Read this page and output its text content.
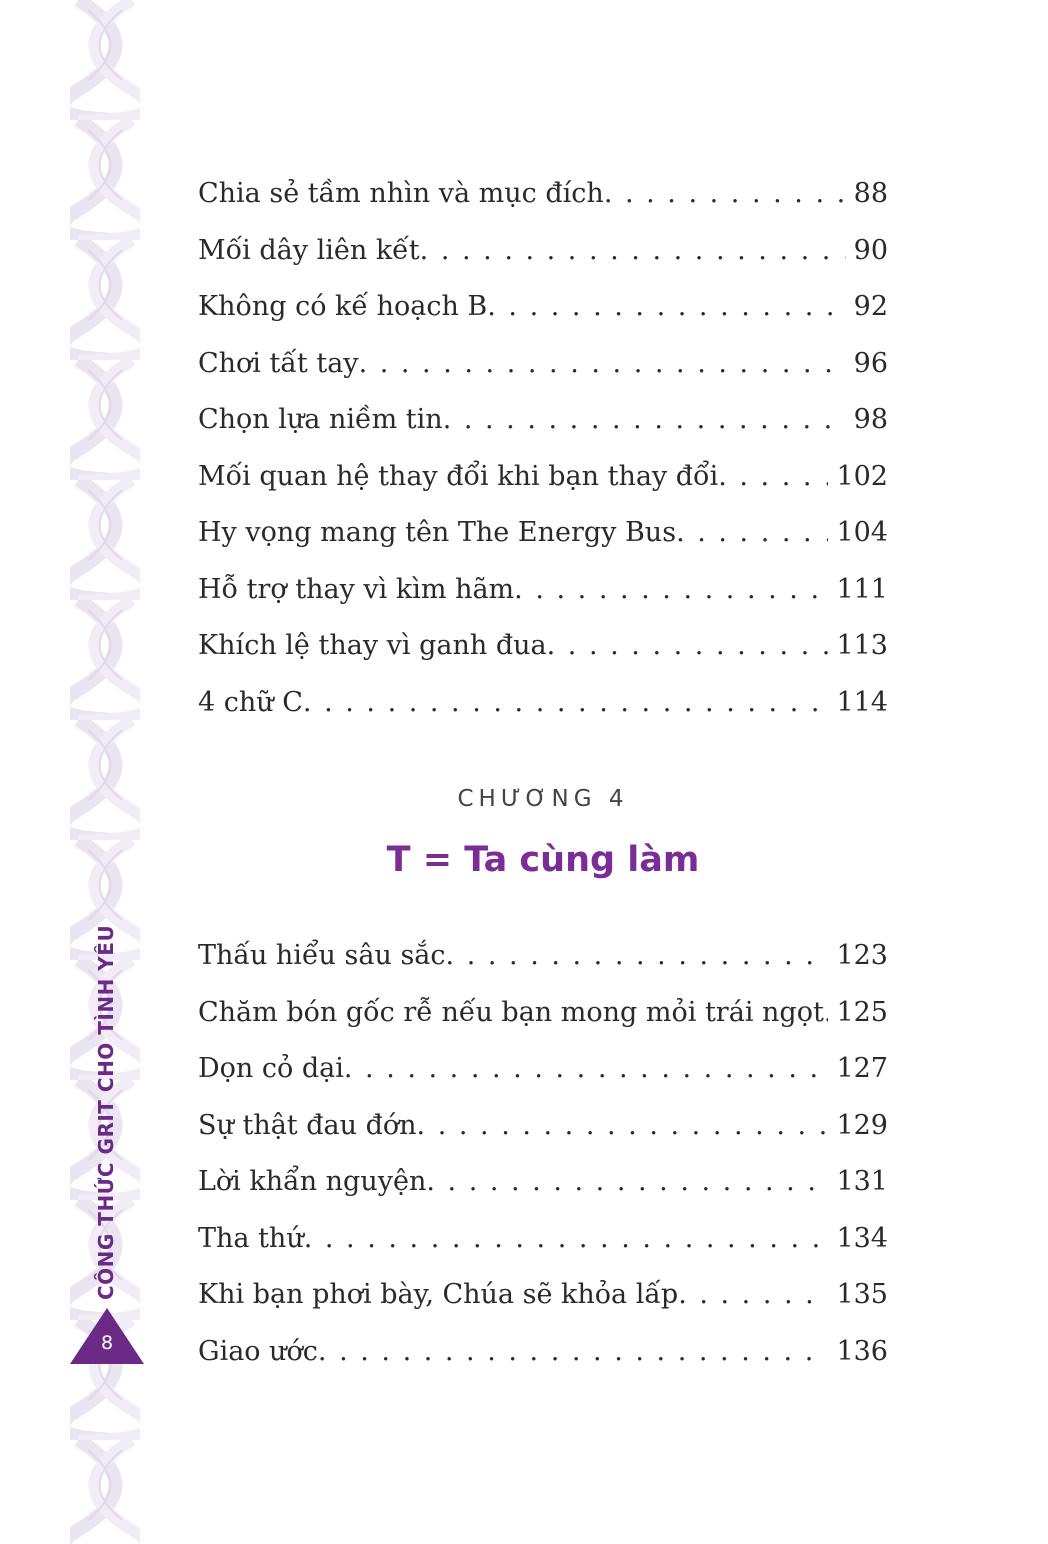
CÔNG THỨC GRIT CHO TÌNH YÊU
8
Chia sẻ tầm nhìn và mục đích . . .	88
Mối dây liên kết . . .	90
Không có kế hoạch B . . .	92
Chơi tất tay . . .	96
Chọn lựa niềm tin . . .	98
Mối quan hệ thay đổi khi bạn thay đổi . . .	102
Hy vọng mang tên The Energy Bus . . .	104
Hỗ trợ thay vì kìm hãm . . .	111
Khích lệ thay vì ganh đua . . .	113
4 chữ C . . .	114
CHƯƠNG 4
T = Ta cùng làm
Thấu hiểu sâu sắc . . .	123
Chăm bón gốc rễ nếu bạn mong mỏi trái ngọt . . . 125
Dọn cỏ dại . . .	127
Sự thật đau đớn . . .	129
Lời khẩn nguyện . . .	131
Tha thứ . . .	134
Khi bạn phơi bày, Chúa sẽ khỏa lấp . . .	135
Giao ước . . .	136
